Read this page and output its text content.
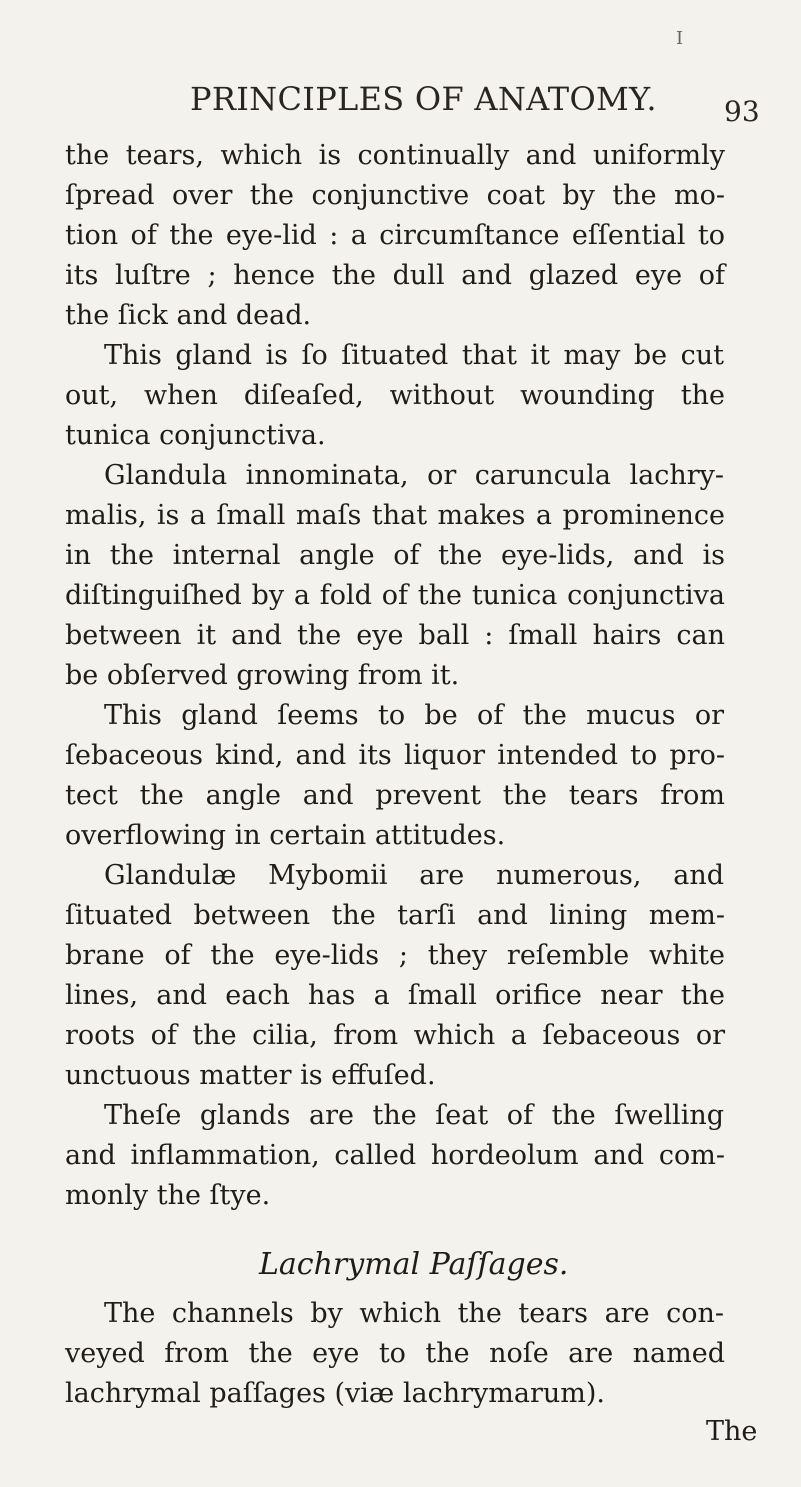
I
PRINCIPLES OF ANATOMY. 93
the tears, which is continually and uniformly
ſpread over the conjunctive coat by the mo-
tion of the eye-lid : a circumſtance eſſential to
its luſtre ; hence the dull and glazed eye of
the ſick and dead.
This gland is ſo ſituated that it may be cut
out, when diſeaſed, without wounding the
tunica conjunctiva.
Glandula innominata, or caruncula lachry-
malis, is a ſmall maſs that makes a prominence
in the internal angle of the eye-lids, and is
diſtinguiſhed by a fold of the tunica conjunctiva
between it and the eye ball : ſmall hairs can
be obſerved growing from it.
This gland ſeems to be of the mucus or
ſebaceous kind, and its liquor intended to pro-
tect the angle and prevent the tears from
overflowing in certain attitudes.
Glandulæ Mybomii are numerous, and
ſituated between the tarſi and lining mem-
brane of the eye-lids ; they reſemble white
lines, and each has a ſmall orifice near the
roots of the cilia, from which a ſebaceous or
unctuous matter is effuſed.
Theſe glands are the ſeat of the ſwelling
and inflammation, called hordeolum and com-
monly the ſtye.
Lachrymal Paſſages.
The channels by which the tears are con-
veyed from the eye to the noſe are named
lachrymal paſſages (viæ lachrymarum).
The
